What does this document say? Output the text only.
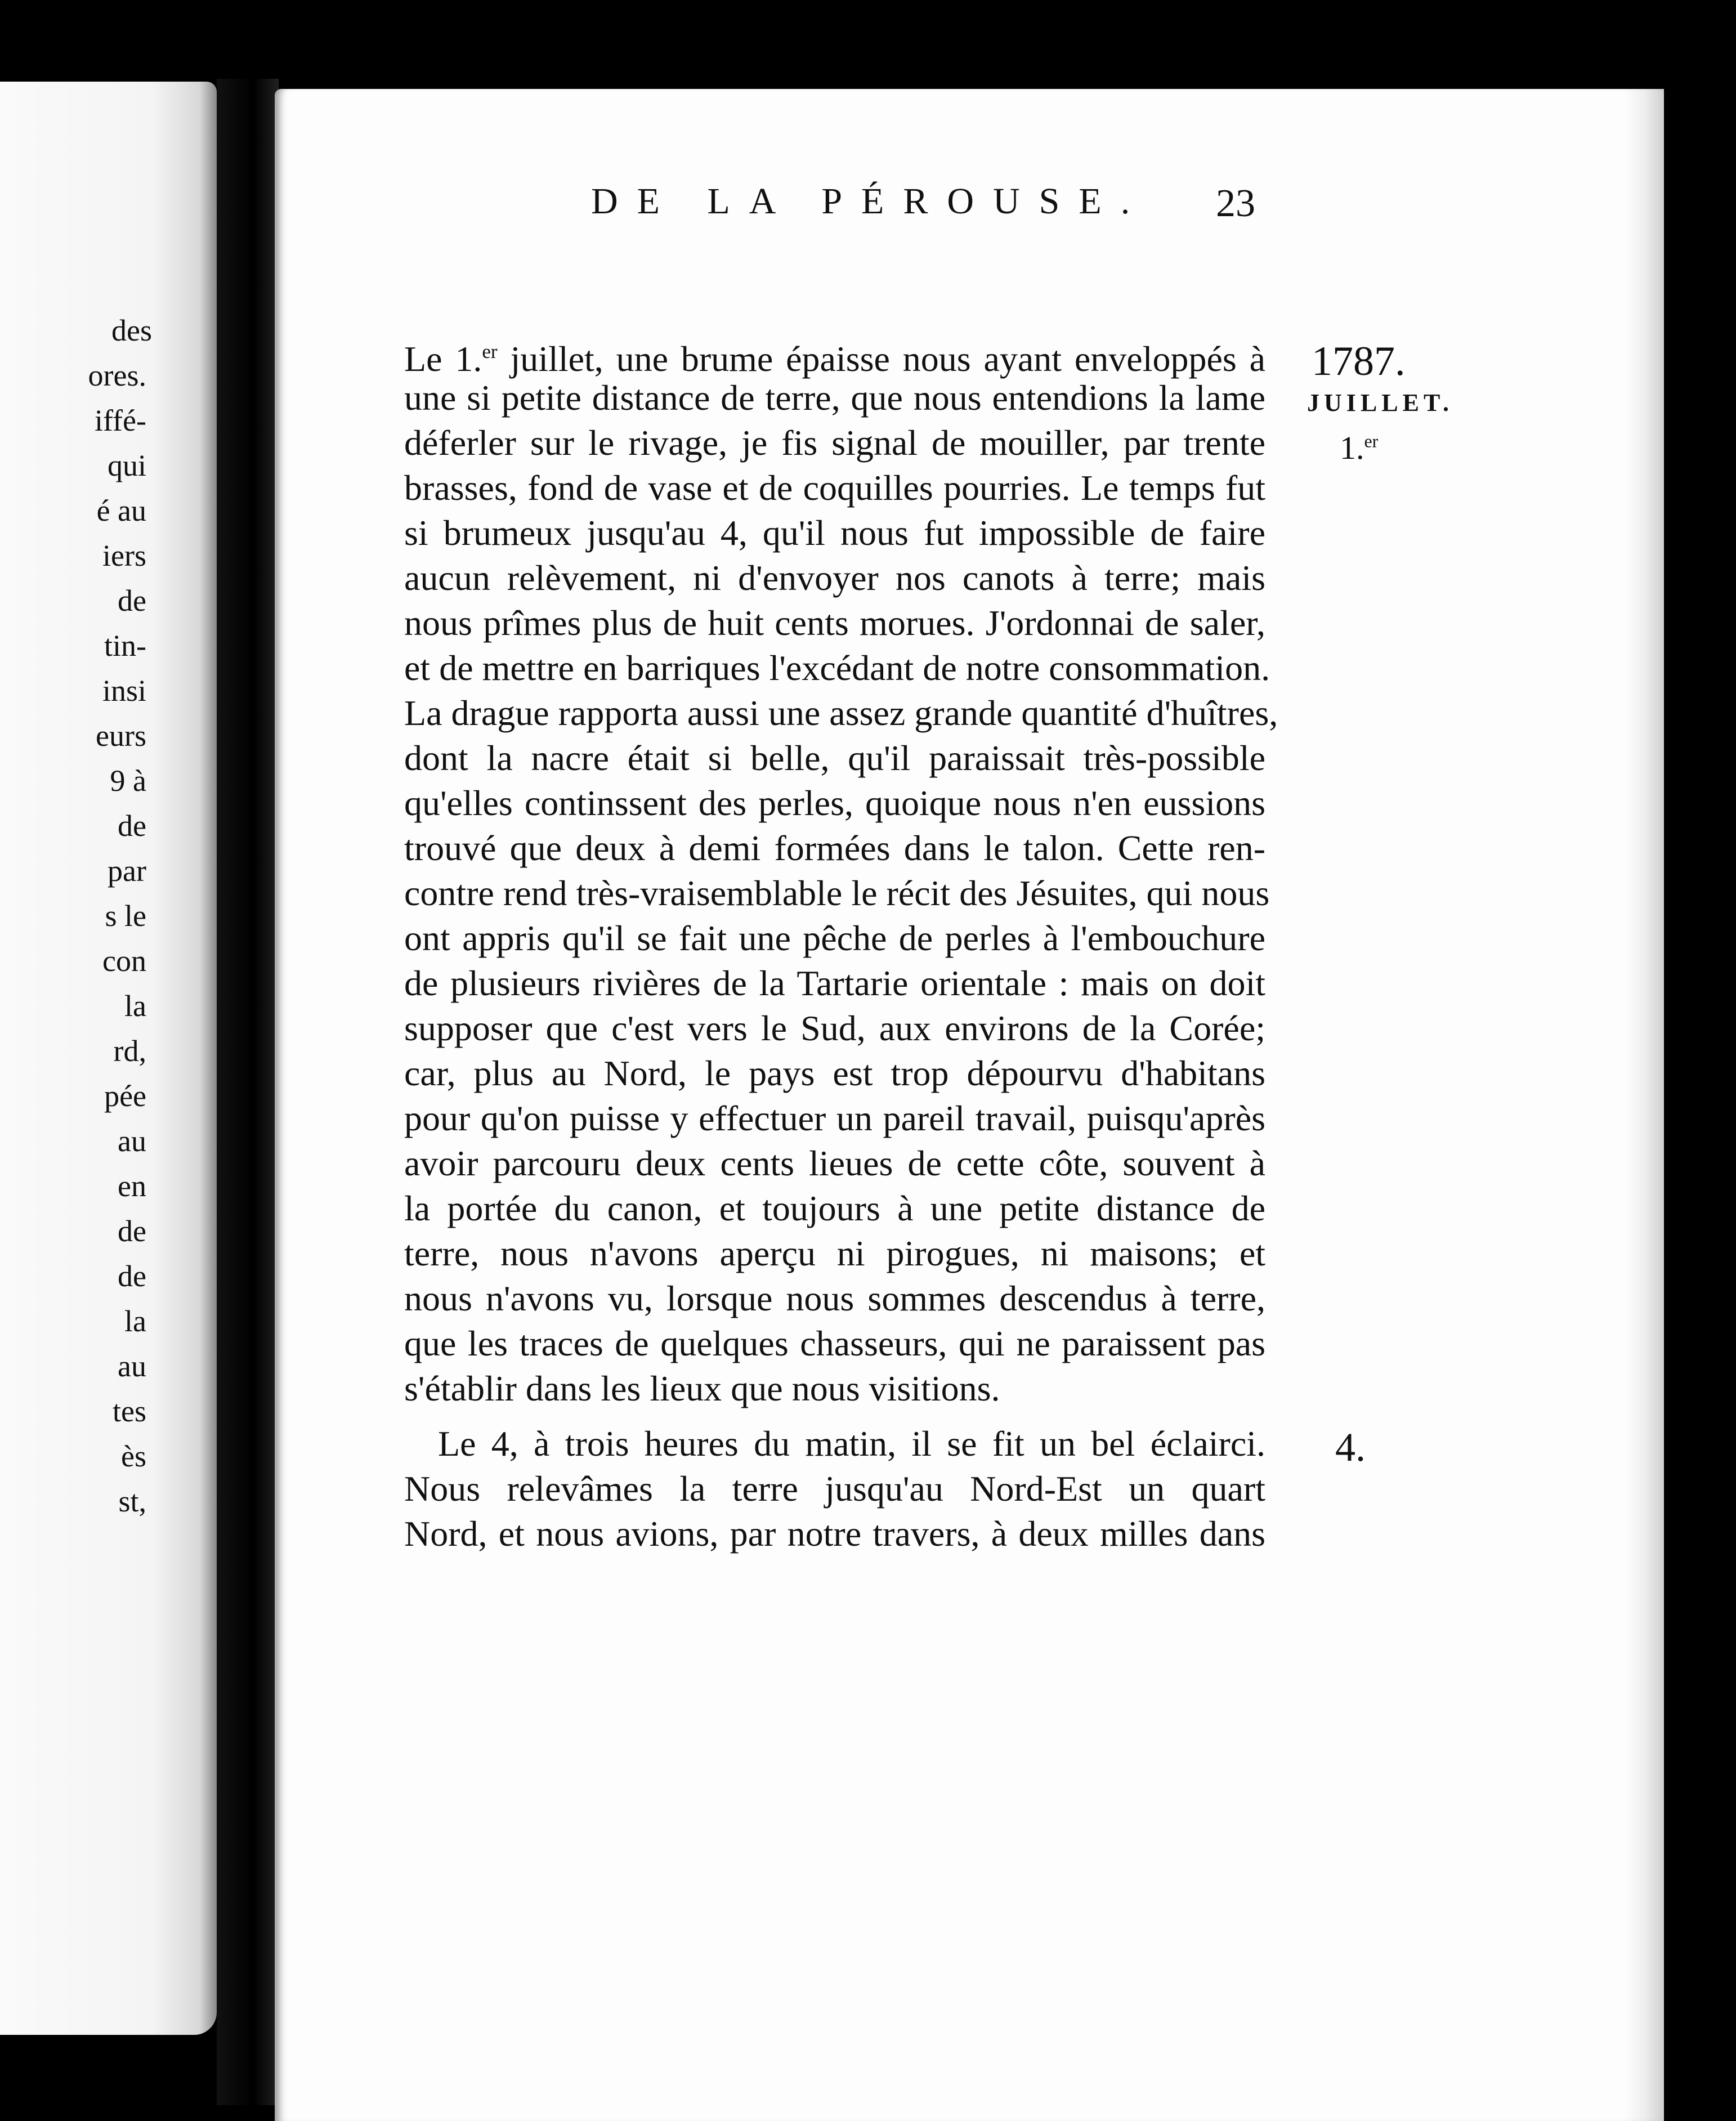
des
ores.
iffé-
qui
é au
iers
de
tin-
insi
eurs
9 à
de
par
s le
con
la
rd,
pée
au
en
de
de
la
au
tes
ès
st,
DE LA PÉROUSE. 23
1787.
JUILLET.
1.$^{er}$
4.
Le 1.$^{er}$ juillet, une brume épaisse nous ayant enveloppés à
une si petite distance de terre, que nous entendions la lame
déferler sur le rivage, je fis signal de mouiller, par trente
brasses, fond de vase et de coquilles pourries. Le temps fut
si brumeux jusqu'au 4, qu'il nous fut impossible de faire
aucun relèvement, ni d'envoyer nos canots à terre; mais
nous prîmes plus de huit cents morues. J'ordonnai de saler,
et de mettre en barriques l'excédant de notre consommation.
La drague rapporta aussi une assez grande quantité d'huîtres,
dont la nacre était si belle, qu'il paraissait très-possible
qu'elles continssent des perles, quoique nous n'en eussions
trouvé que deux à demi formées dans le talon. Cette ren-
contre rend très-vraisemblable le récit des Jésuites, qui nous
ont appris qu'il se fait une pêche de perles à l'embouchure
de plusieurs rivières de la Tartarie orientale : mais on doit
supposer que c'est vers le Sud, aux environs de la Corée;
car, plus au Nord, le pays est trop dépourvu d'habitans
pour qu'on puisse y effectuer un pareil travail, puisqu'après
avoir parcouru deux cents lieues de cette côte, souvent à
la portée du canon, et toujours à une petite distance de
terre, nous n'avons aperçu ni pirogues, ni maisons; et
nous n'avons vu, lorsque nous sommes descendus à terre,
que les traces de quelques chasseurs, qui ne paraissent pas
s'établir dans les lieux que nous visitions.
Le 4, à trois heures du matin, il se fit un bel éclairci.
Nous relevâmes la terre jusqu'au Nord-Est un quart
Nord, et nous avions, par notre travers, à deux milles dans
